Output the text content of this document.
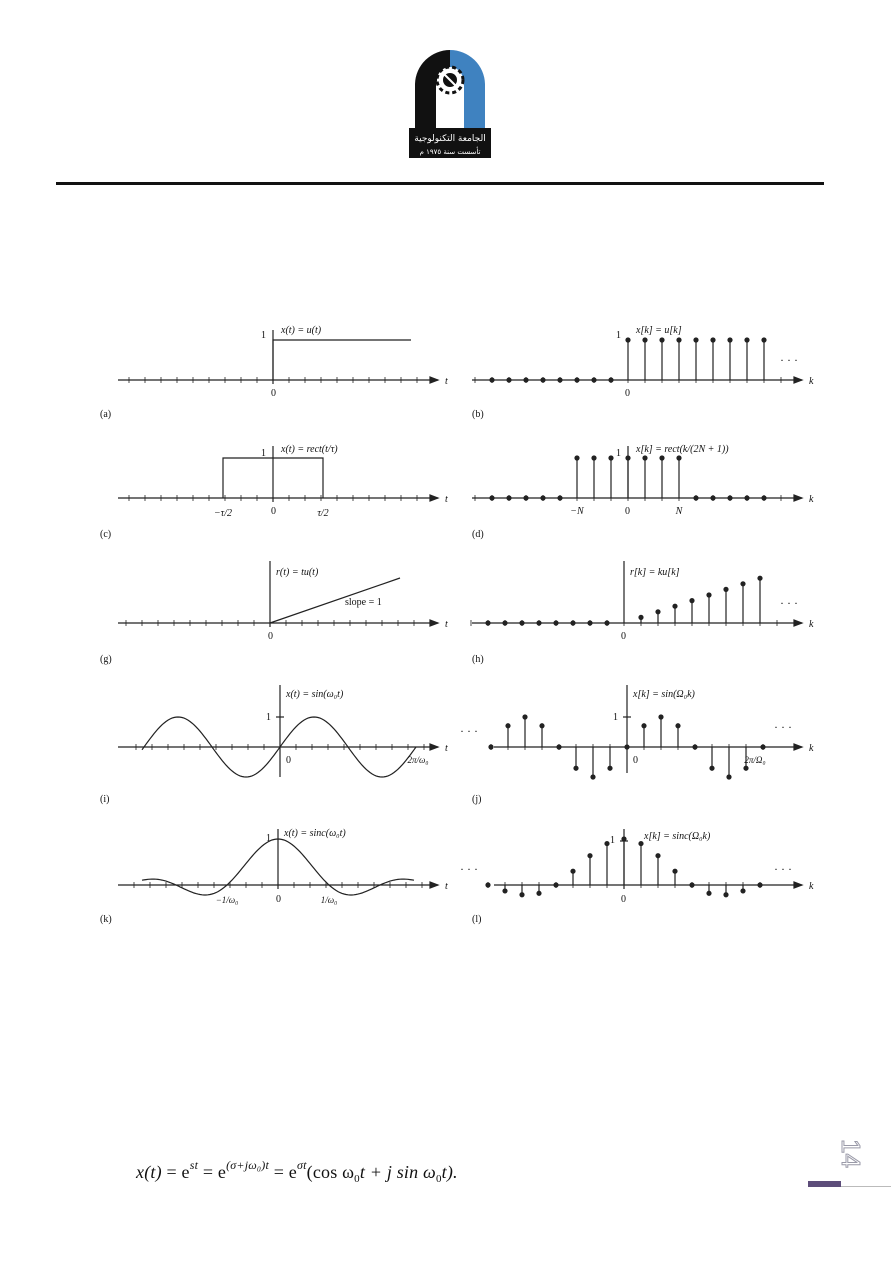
الجامعة التكنولوجية
تأسست سنة ١٩٧٥ م
t
1 x(t) = u(t)
0
(a)
k
1 x[k] = u[k]
0
· · ·
(b)
t
1 x(t) = rect(t/τ)
0
−τ/2	τ/2
(c)
k
1 x[k] = rect(k/(2N + 1))
0
−N	N
(d)
t
r(t) = tu(t)
slope = 1
0
(g)
k
r[k] = ku[k]
0
· · ·
(h)
t
1
x(t) = sin(ω₀t)
0	2π/ω₀
(i)
k
1
x[k] = sin(Ω₀k)
0	2π/Ω₀
· · ·	· · ·
(j)
t
1 x(t) = sinc(ω₀t)
0
−1/ω₀	1/ω₀
(k)
k
1	x[k] = sinc(Ω₀k)
0
· · ·	· · ·
(l)
$x(t) = e^{st} = e^{(\sigma+j\omega_0)t} = e^{\sigma t}(\cos$ $\omega_0t + j$ $\sin \omega_0t$).
14
